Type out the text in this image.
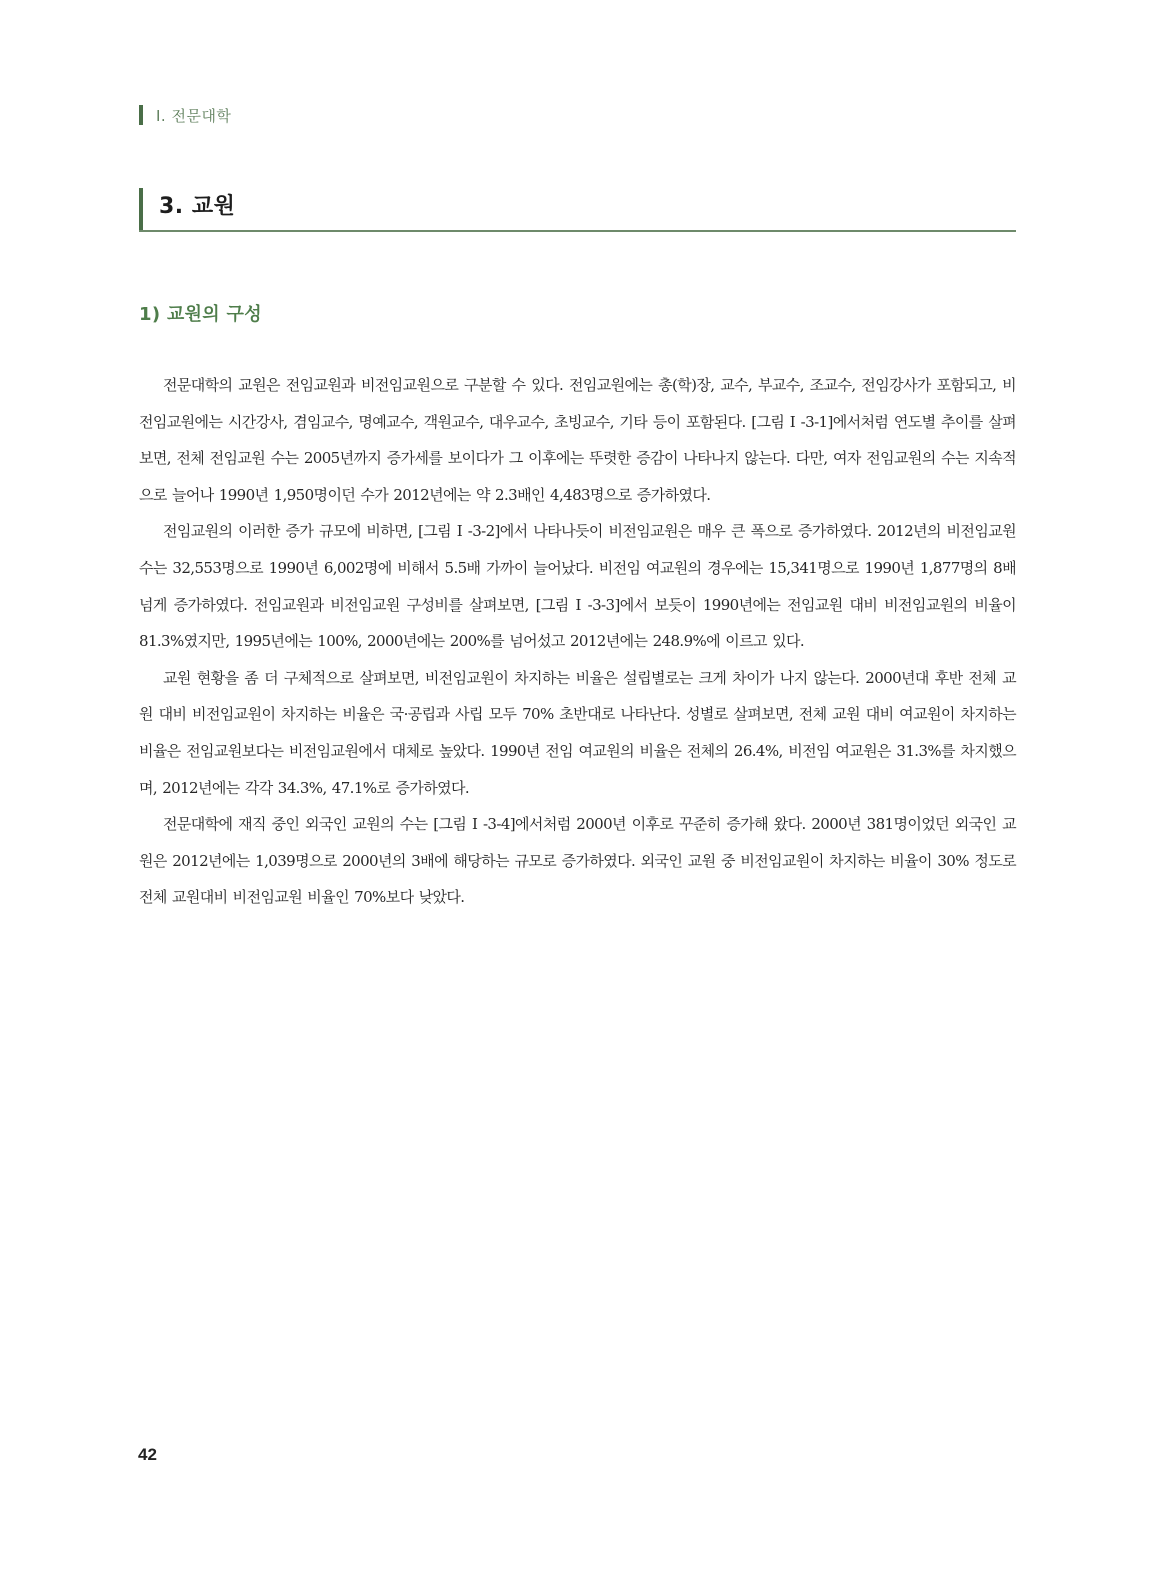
Ⅰ. 전문대학
3. 교원
1) 교원의 구성

전문대학의 교원은 전임교원과 비전임교원으로 구분할 수 있다. 전임교원에는 총(학)장, 교수, 부교수, 조교수, 전임강사가 포함되고, 비전임교원에는 시간강사, 겸임교수, 명예교수, 객원교수, 대우교수, 초빙교수, 기타 등이 포함된다. [그림 I -3-1]에서처럼 연도별 추이를 살펴보면, 전체 전임교원 수는 2005년까지 증가세를 보이다가 그 이후에는 뚜렷한 증감이 나타나지 않는다. 다만, 여자 전임교원의 수는 지속적으로 늘어나 1990년 1,950명이던 수가 2012년에는 약 2.3배인 4,483명으로 증가하였다.

전임교원의 이러한 증가 규모에 비하면, [그림 I -3-2]에서 나타나듯이 비전임교원은 매우 큰 폭으로 증가하였다. 2012년의 비전임교원 수는 32,553명으로 1990년 6,002명에 비해서 5.5배 가까이 늘어났다. 비전임 여교원의 경우에는 15,341명으로 1990년 1,877명의 8배 넘게 증가하였다. 전임교원과 비전임교원 구성비를 살펴보면, [그림 I -3-3]에서 보듯이 1990년에는 전임교원 대비 비전임교원의 비율이 81.3%였지만, 1995년에는 100%, 2000년에는 200%를 넘어섰고 2012년에는 248.9%에 이르고 있다.

교원 현황을 좀 더 구체적으로 살펴보면, 비전임교원이 차지하는 비율은 설립별로는 크게 차이가 나지 않는다. 2000년대 후반 전체 교원 대비 비전임교원이 차지하는 비율은 국·공립과 사립 모두 70% 초반대로 나타난다. 성별로 살펴보면, 전체 교원 대비 여교원이 차지하는 비율은 전임교원보다는 비전임교원에서 대체로 높았다. 1990년 전임 여교원의 비율은 전체의 26.4%, 비전임 여교원은 31.3%를 차지했으며, 2012년에는 각각 34.3%, 47.1%로 증가하였다.

전문대학에 재직 중인 외국인 교원의 수는 [그림 I -3-4]에서처럼 2000년 이후로 꾸준히 증가해 왔다. 2000년 381명이었던 외국인 교원은 2012년에는 1,039명으로 2000년의 3배에 해당하는 규모로 증가하였다. 외국인 교원 중 비전임교원이 차지하는 비율이 30% 정도로 전체 교원대비 비전임교원 비율인 70%보다 낮았다.

42
